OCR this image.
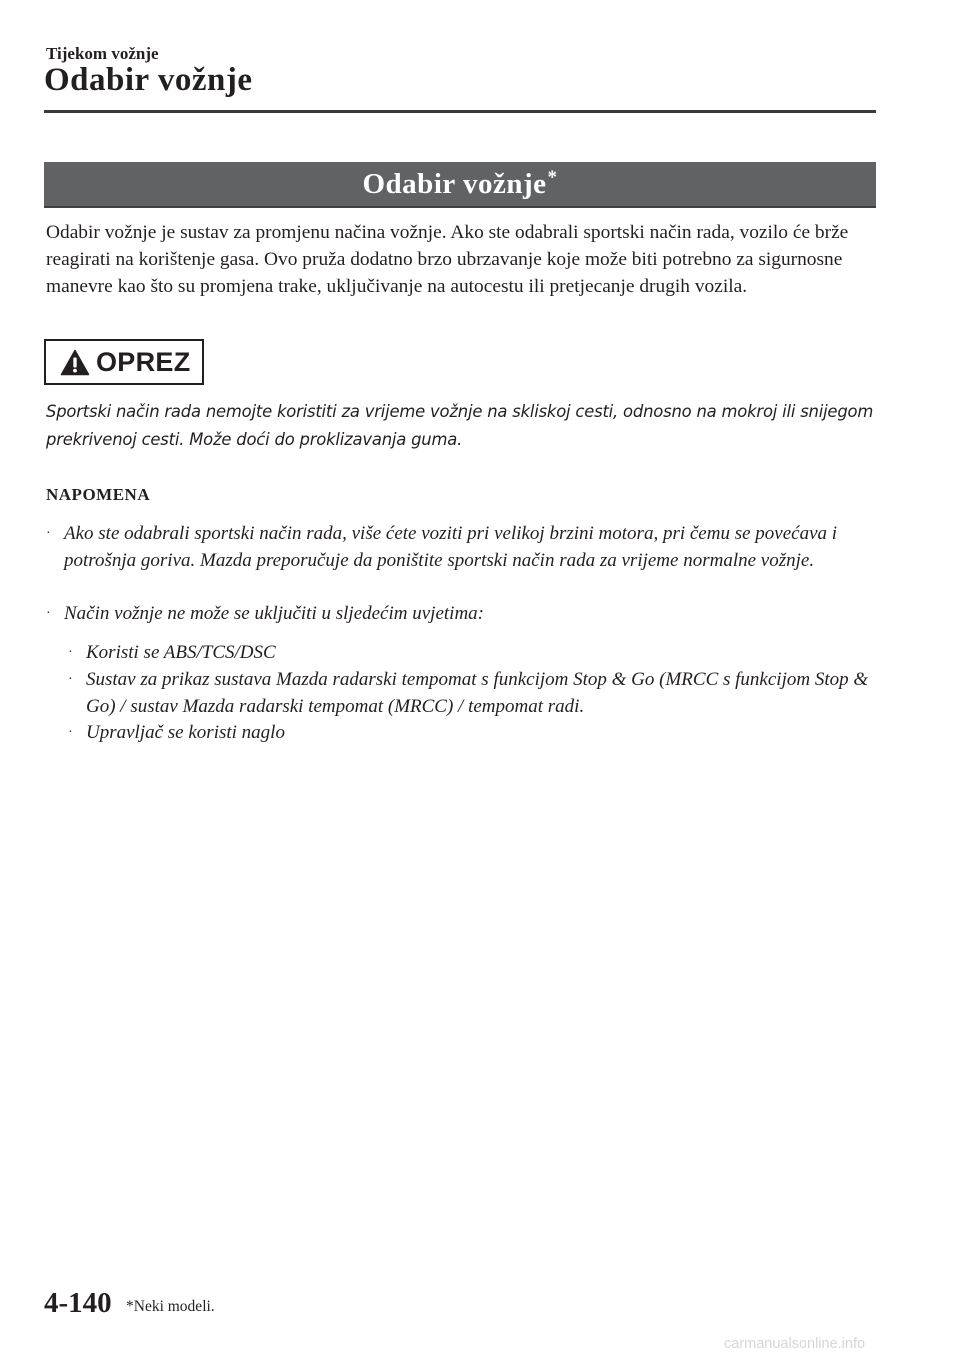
Tijekom vožnje
Odabir vožnje
Odabir vožnje*
Odabir vožnje je sustav za promjenu načina vožnje. Ako ste odabrali sportski način rada, vozilo će brže reagirati na korištenje gasa. Ovo pruža dodatno brzo ubrzavanje koje može biti potrebno za sigurnosne manevre kao što su promjena trake, uključivanje na autocestu ili pretjecanje drugih vozila.
OPREZ
Sportski način rada nemojte koristiti za vrijeme vožnje na skliskoj cesti, odnosno na mokroj ili snijegom prekrivenoj cesti. Može doći do proklizavanja guma.
NAPOMENA
· Ako ste odabrali sportski način rada, više ćete voziti pri velikoj brzini motora, pri čemu se povećava i potrošnja goriva. Mazda preporučuje da poništite sportski način rada za vrijeme normalne vožnje.
· Način vožnje ne može se uključiti u sljedećim uvjetima:
· Koristi se ABS/TCS/DSC
· Sustav za prikaz sustava Mazda radarski tempomat s funkcijom Stop & Go (MRCC s funkcijom Stop & Go) / sustav Mazda radarski tempomat (MRCC) / tempomat radi.
· Upravljač se koristi naglo
4-140 *Neki modeli.
carmanualsonline.info
